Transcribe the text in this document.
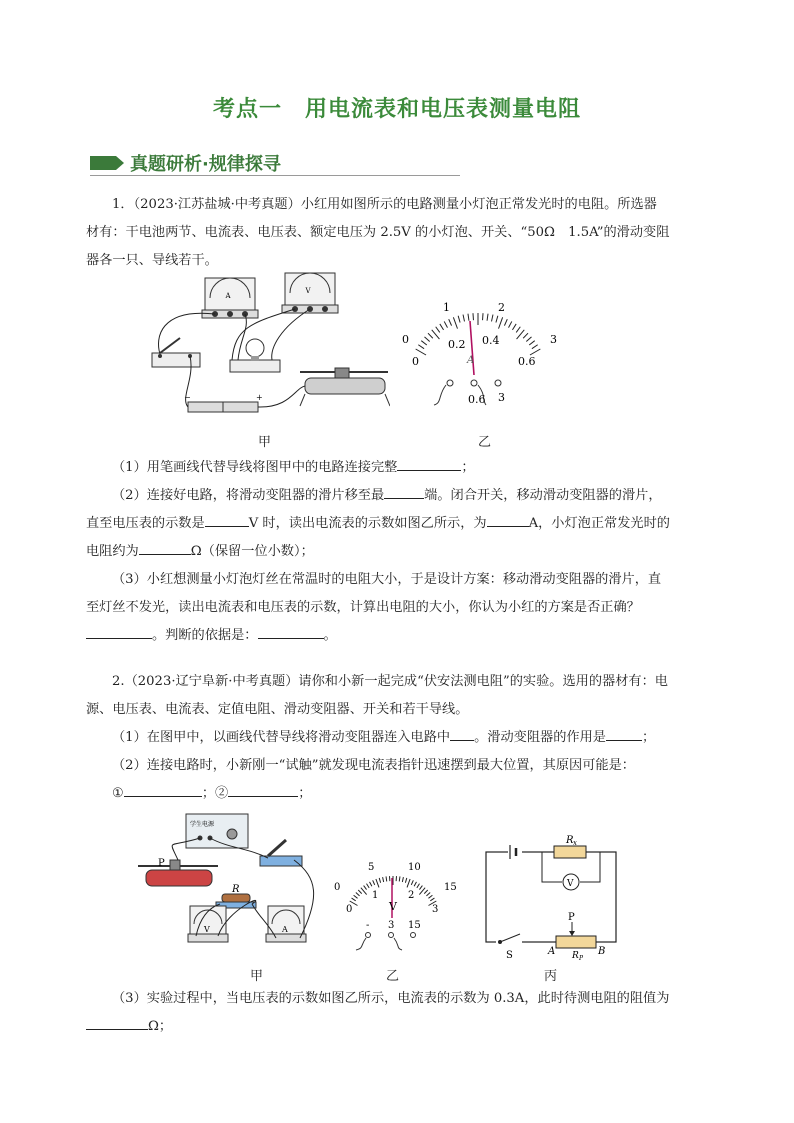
考点一　用电流表和电压表测量电阻
真题研析·规律探寻

1．（2023·江苏盐城·中考真题）小红用如图所示的电路测量小灯泡正常发光时的电阻。所选器
材有：干电池两节、电流表、电压表、额定电压为 2.5V 的小灯泡、开关、“50Ω　1.5A”的滑动变阻
器各一只、导线若干。

A
V
−	+
0
1	2
3
0
0.2 0.4
0.6
A
0.6 3
甲	乙

（1）用笔画线代替导线将图甲中的电路连接完整	；
（2）连接好电路，将滑动变阻器的滑片移至最	端。闭合开关，移动滑动变阻器的滑片，
直至电压表的示数是	V 时，读出电流表的示数如图乙所示，为	A，小灯泡正常发光时的
电阻约为	Ω（保留一位小数）；
（3）小红想测量小灯泡灯丝在常温时的电阻大小，于是设计方案：移动滑动变阻器的滑片，直
至灯丝不发光，读出电流表和电压表的示数，计算出电阻的大小，你认为小红的方案是否正确？
。判断的依据是：	。

2.（2023·辽宁阜新·中考真题）请你和小新一起完成“伏安法测电阻”的实验。选用的器材有：电
源、电压表、电流表、定值电阻、滑动变阻器、开关和若干导线。
（1）在图甲中，以画线代替导线将滑动变阻器连入电路中 。滑动变阻器的作用是	；
（2）连接电路时，小新刚一“试触”就发现电流表指针迅速摆到最大位置，其原因可能是：
①	；②	；

学生电源
P
R
V	A
5	10
0	15
0
1	2
3
V
- 3 15
R x
V
S
P
A	B
R P
甲	乙	丙

（3）实验过程中，当电压表的示数如图乙所示，电流表的示数为 0.3A，此时待测电阻的阻值为
Ω；
